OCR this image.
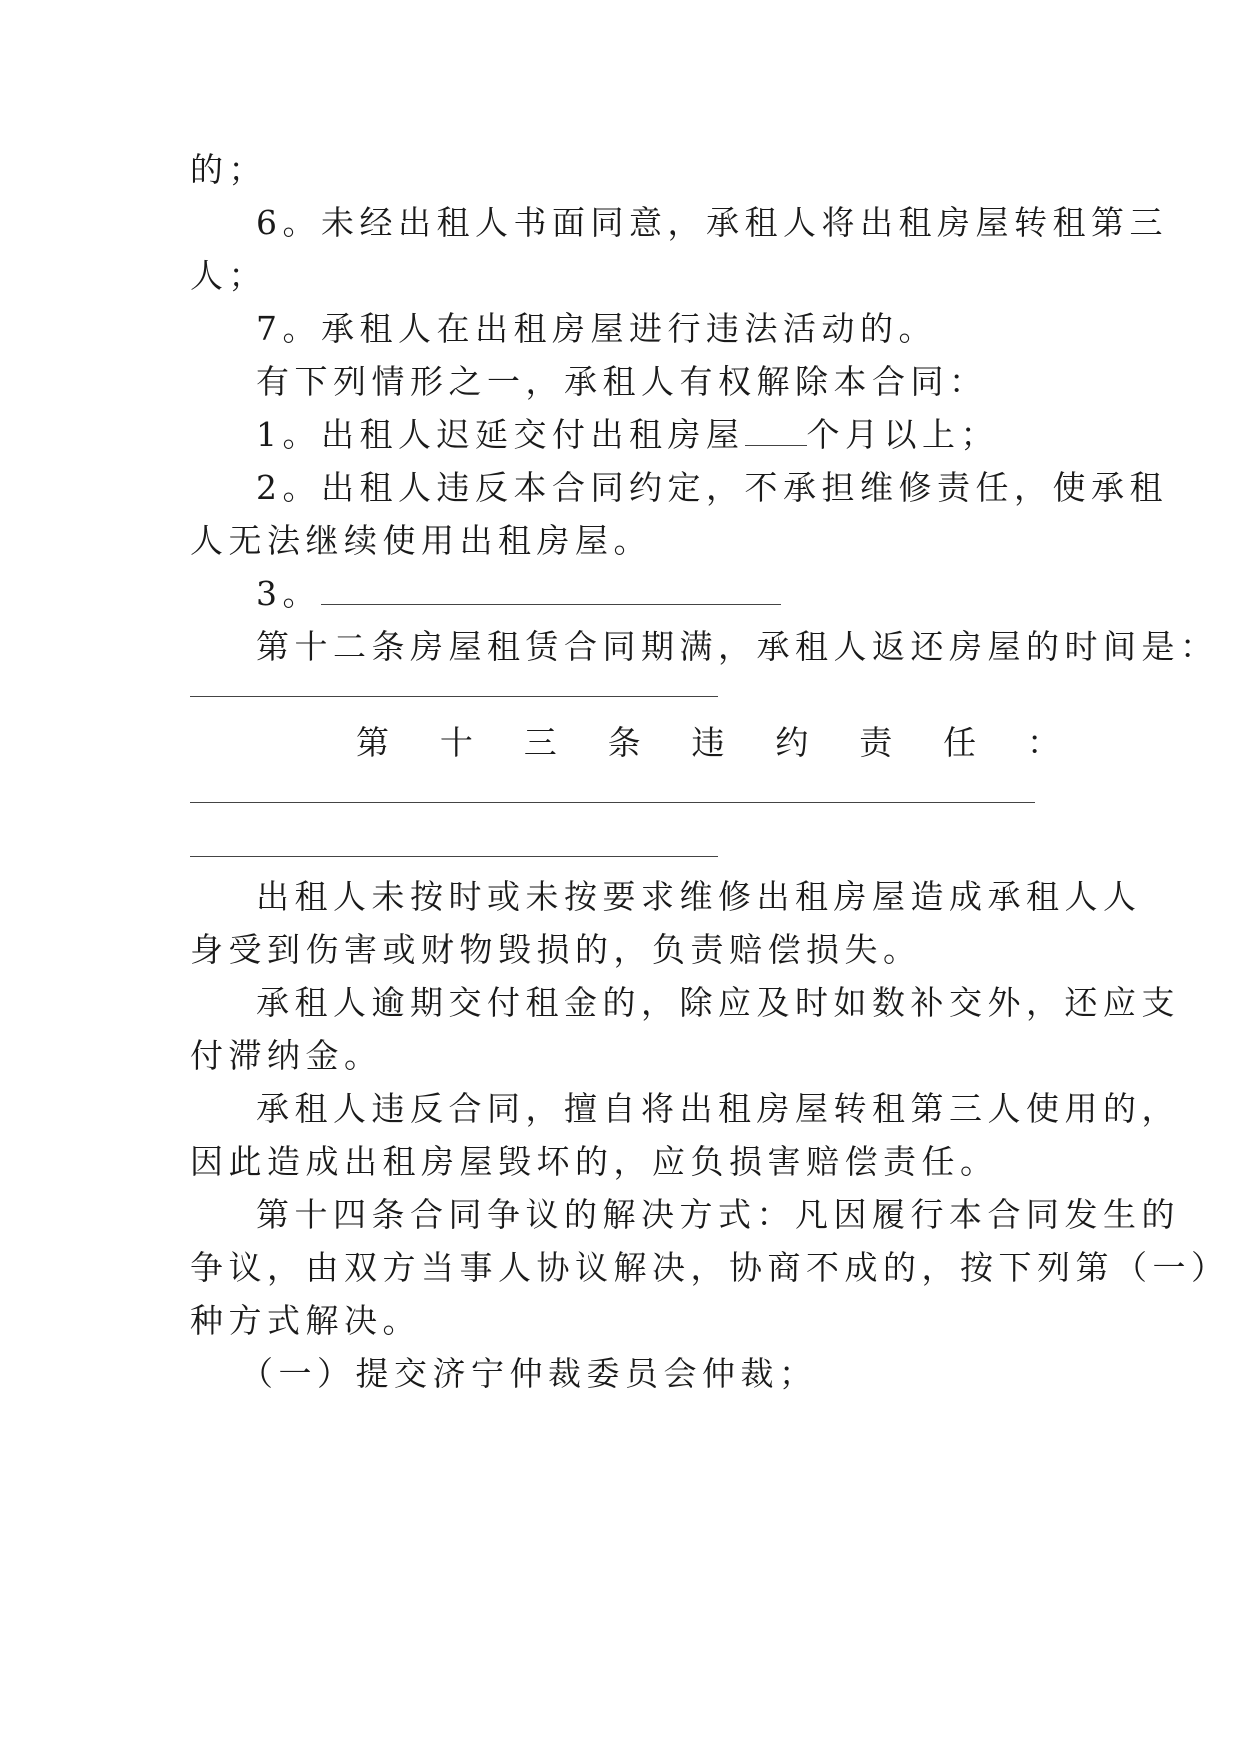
的；
6。未经出租人书面同意，承租人将出租房屋转租第三
人；
7。承租人在出租房屋进行违法活动的。
有下列情形之一，承租人有权解除本合同：
1。出租人迟延交付出租房屋 个月以上；
2。出租人违反本合同约定，不承担维修责任，使承租
人无法继续使用出租房屋。
3。
第十二条房屋租赁合同期满，承租人返还房屋的时间是：
第 十 三 条 违 约 责 任 ：
出租人未按时或未按要求维修出租房屋造成承租人人
身受到伤害或财物毁损的，负责赔偿损失。
承租人逾期交付租金的，除应及时如数补交外，还应支
付滞纳金。
承租人违反合同，擅自将出租房屋转租第三人使用的，
因此造成出租房屋毁坏的，应负损害赔偿责任。
第十四条合同争议的解决方式：凡因履行本合同发生的
争议，由双方当事人协议解决，协商不成的，按下列第（一）
种方式解决。
（一）提交济宁仲裁委员会仲裁；
